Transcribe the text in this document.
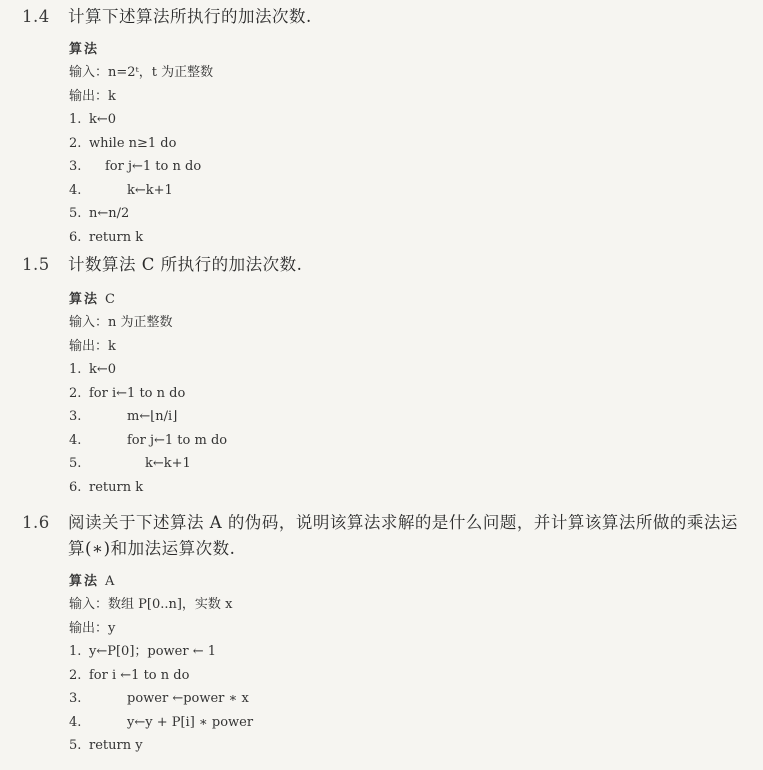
1.4	计算下述算法所执行的加法次数.
算法
输入：n=2ᵗ，t 为正整数
输出：k
1. k←0
2. while n≥1 do
3. for j←1 to n do
4.	k←k+1
5. n←n/2
6. return k
1.5	计数算法 C 所执行的加法次数.
算法 C
输入：n 为正整数
输出：k
1. k←0
2. for i←1 to n do
3.	m←⌊n/i⌋
4.	for j←1 to m do
5.	k←k+1
6. return k
1.6	阅读关于下述算法 A 的伪码，说明该算法求解的是什么问题，并计算该算法所做的乘法运算(∗)和加法运算次数.
算法 A
输入：数组 P[0..n]，实数 x
输出：y
1. y←P[0]；power ← 1
2. for i ←1 to n do
3.	power ←power ∗ x
4.	y←y + P[i] ∗ power
5. return y
